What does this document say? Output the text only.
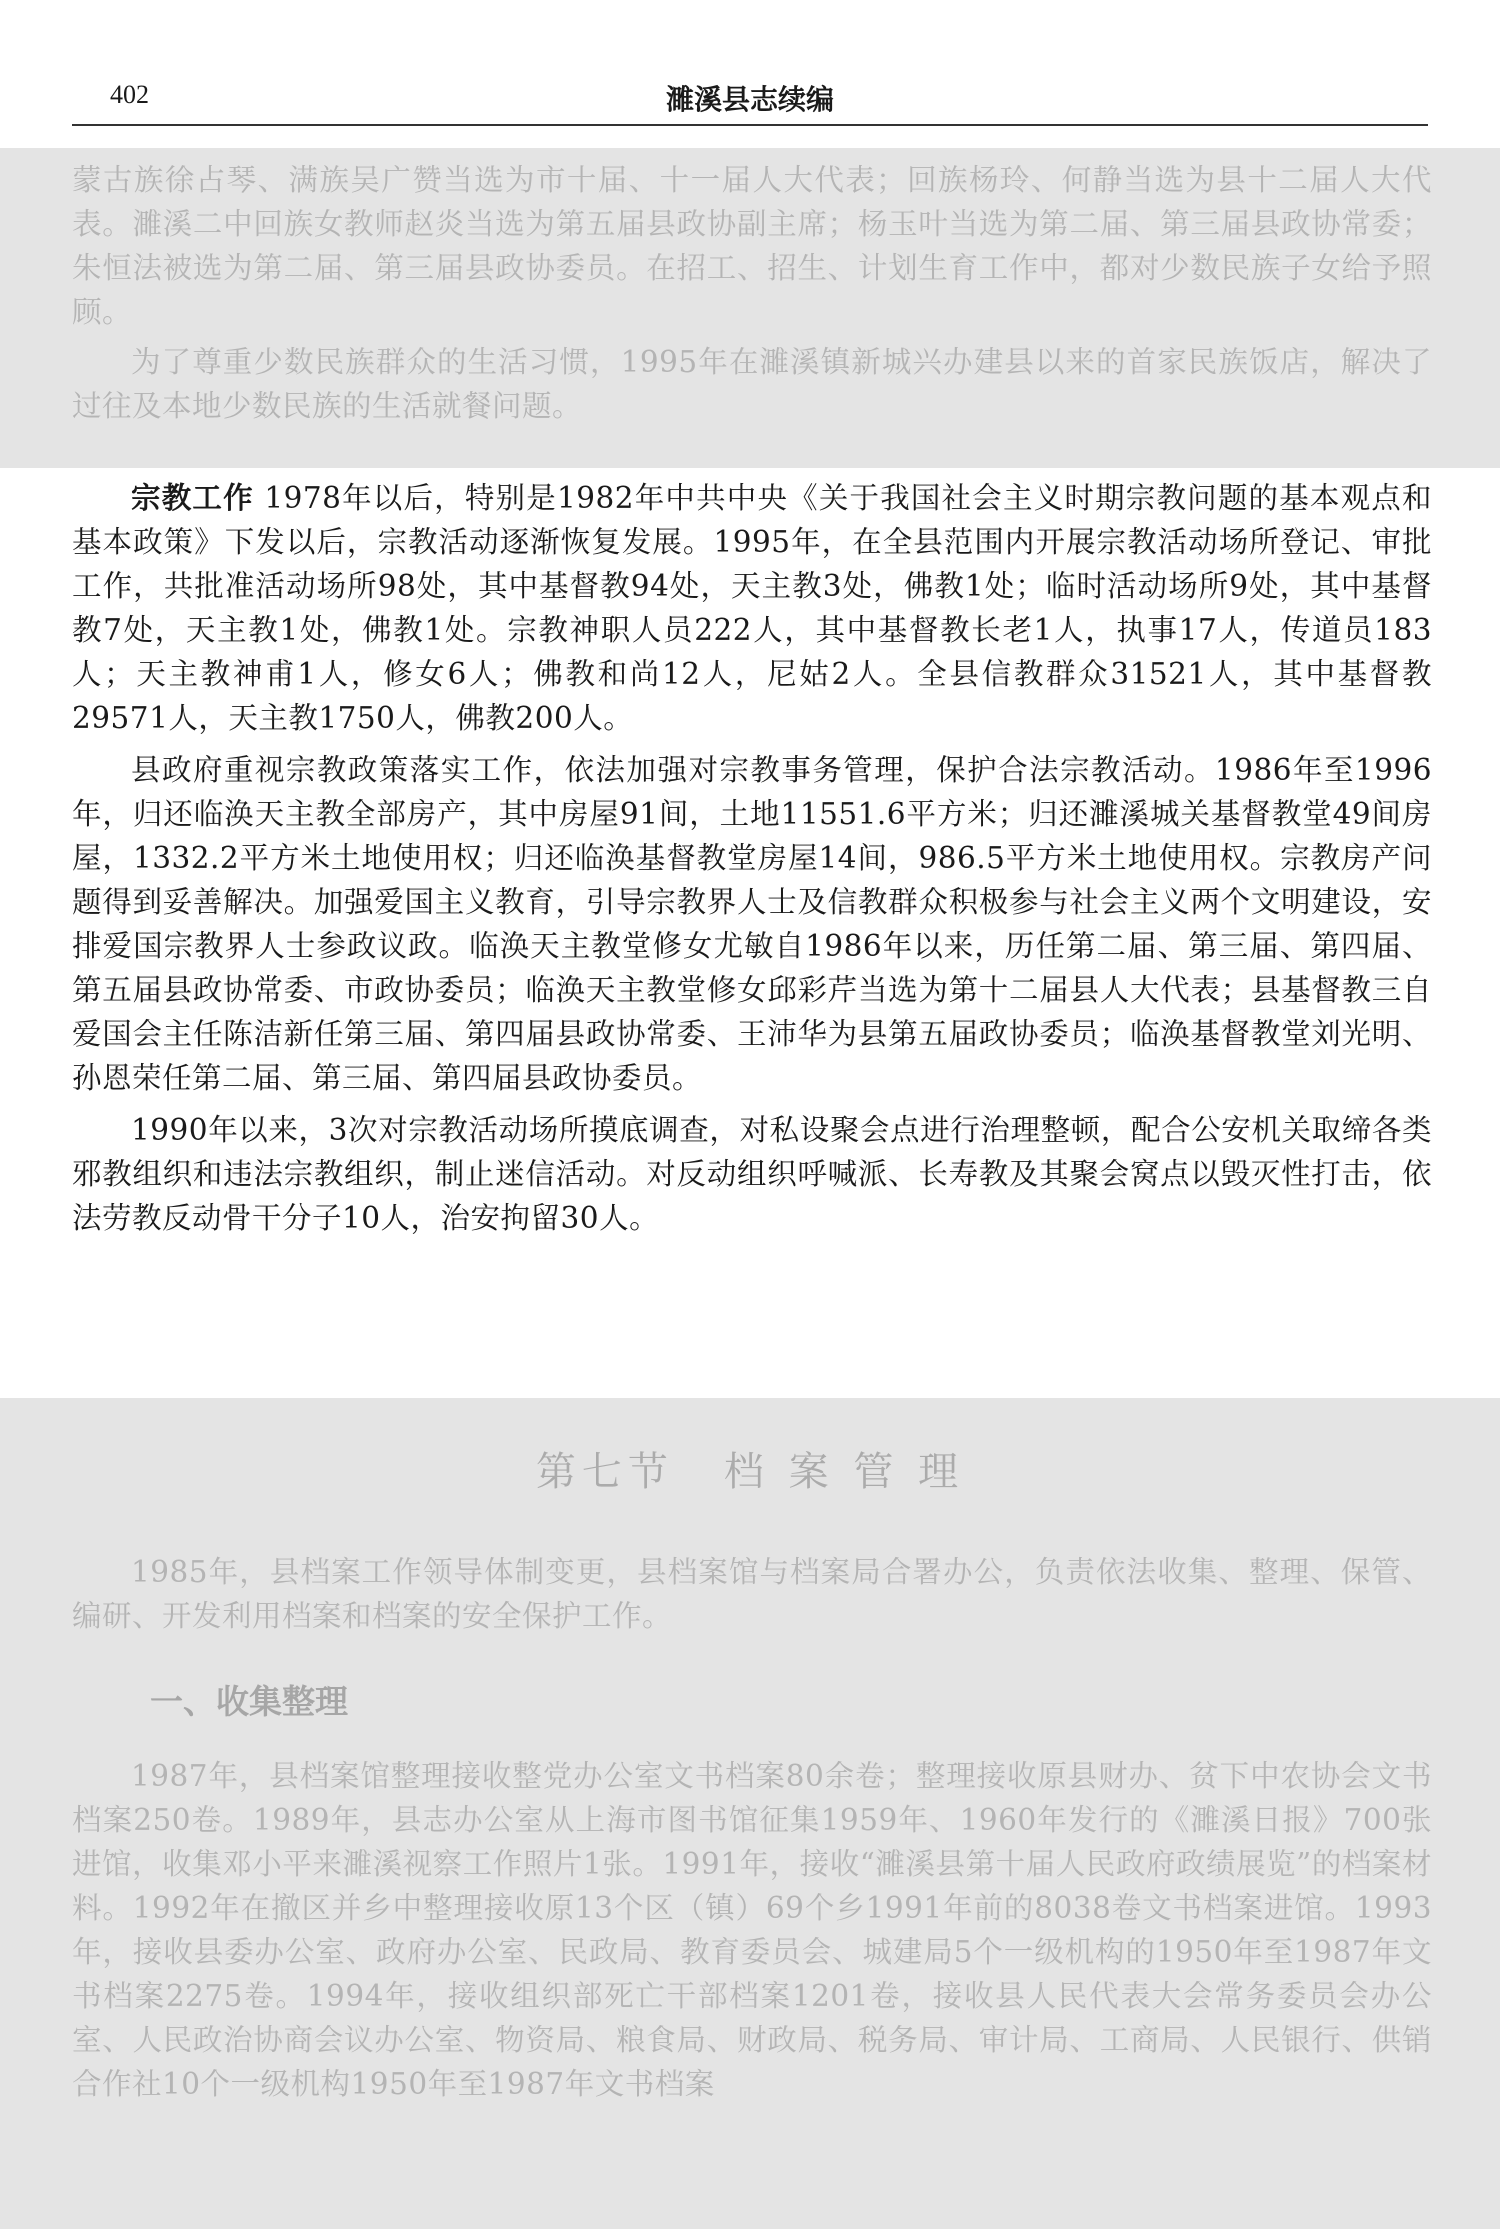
402	濉溪县志续编

蒙古族徐占琴、满族吴广赞当选为市十届、十一届人大代表；回族杨玲、何静当选为县十二届人大代表。濉溪二中回族女教师赵炎当选为第五届县政协副主席；杨玉叶当选为第二届、第三届县政协常委；朱恒法被选为第二届、第三届县政协委员。在招工、招生、计划生育工作中，都对少数民族子女给予照顾。

为了尊重少数民族群众的生活习惯，1995年在濉溪镇新城兴办建县以来的首家民族饭店，解决了过往及本地少数民族的生活就餐问题。

宗教工作 1978年以后，特别是1982年中共中央《关于我国社会主义时期宗教问题的基本观点和基本政策》下发以后，宗教活动逐渐恢复发展。1995年，在全县范围内开展宗教活动场所登记、审批工作，共批准活动场所98处，其中基督教94处，天主教3处，佛教1处；临时活动场所9处，其中基督教7处，天主教1处，佛教1处。宗教神职人员222人，其中基督教长老1人，执事17人，传道员183人；天主教神甫1人，修女6人；佛教和尚12人，尼姑2人。全县信教群众31521人，其中基督教29571人，天主教1750人，佛教200人。

县政府重视宗教政策落实工作，依法加强对宗教事务管理，保护合法宗教活动。1986年至1996年，归还临涣天主教全部房产，其中房屋91间，土地11551.6平方米；归还濉溪城关基督教堂49间房屋，1332.2平方米土地使用权；归还临涣基督教堂房屋14间，986.5平方米土地使用权。宗教房产问题得到妥善解决。加强爱国主义教育，引导宗教界人士及信教群众积极参与社会主义两个文明建设，安排爱国宗教界人士参政议政。临涣天主教堂修女尤敏自1986年以来，历任第二届、第三届、第四届、第五届县政协常委、市政协委员；临涣天主教堂修女邱彩芹当选为第十二届县人大代表；县基督教三自爱国会主任陈洁新任第三届、第四届县政协常委、王沛华为县第五届政协委员；临涣基督教堂刘光明、孙恩荣任第二届、第三届、第四届县政协委员。

1990年以来，3次对宗教活动场所摸底调查，对私设聚会点进行治理整顿，配合公安机关取缔各类邪教组织和违法宗教组织，制止迷信活动。对反动组织呼喊派、长寿教及其聚会窝点以毁灭性打击，依法劳教反动骨干分子10人，治安拘留30人。

第七节 档 案 管 理

1985年，县档案工作领导体制变更，县档案馆与档案局合署办公，负责依法收集、整理、保管、编研、开发利用档案和档案的安全保护工作。

一、收集整理

1987年，县档案馆整理接收整党办公室文书档案80余卷；整理接收原县财办、贫下中农协会文书档案250卷。1989年，县志办公室从上海市图书馆征集1959年、1960年发行的《濉溪日报》700张进馆，收集邓小平来濉溪视察工作照片1张。1991年，接收“濉溪县第十届人民政府政绩展览”的档案材料。1992年在撤区并乡中整理接收原13个区（镇）69个乡1991年前的8038卷文书档案进馆。1993年，接收县委办公室、政府办公室、民政局、教育委员会、城建局5个一级机构的1950年至1987年文书档案2275卷。1994年，接收组织部死亡干部档案1201卷，接收县人民代表大会常务委员会办公室、人民政治协商会议办公室、物资局、粮食局、财政局、税务局、审计局、工商局、人民银行、供销合作社10个一级机构1950年至1987年文书档案
